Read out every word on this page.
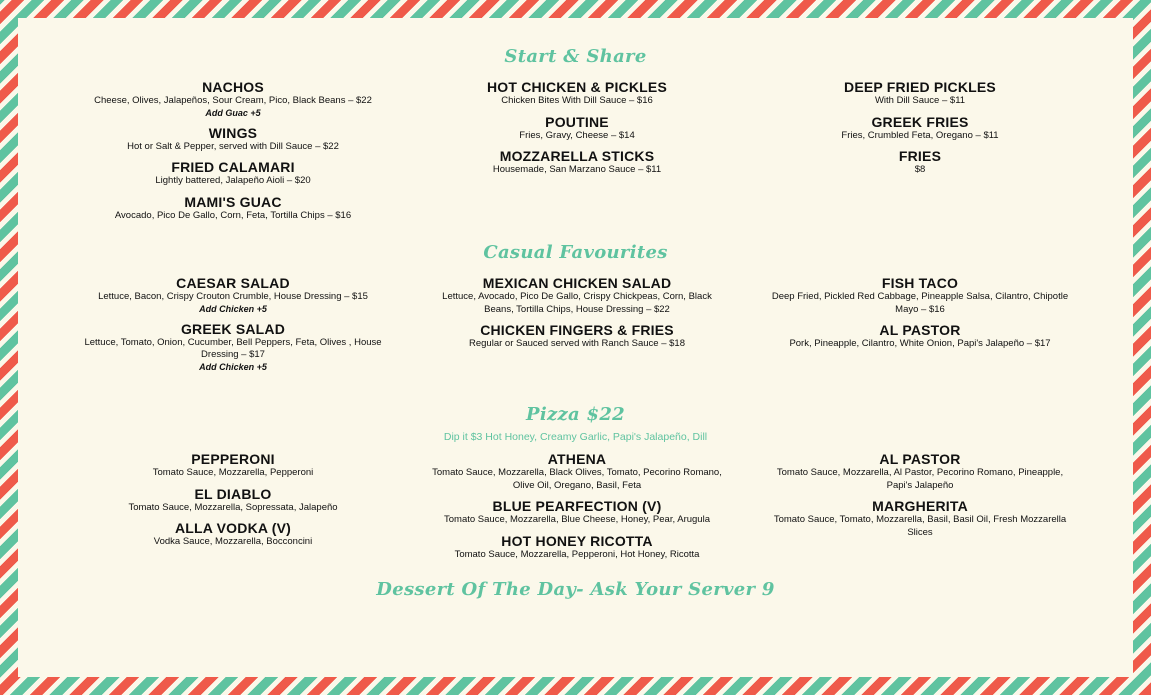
Start & Share
Casual Favourites
Pizza $22
Dip it $3 Hot Honey, Creamy Garlic, Papi's Jalapeño, Dill
Dessert Of The Day- Ask Your Server 9
NACHOS
Cheese, Olives, Jalapeños, Sour Cream, Pico, Black Beans – $22
Add Guac +5
WINGS
Hot or Salt & Pepper, served with Dill Sauce – $22
FRIED CALAMARI
Lightly battered, Jalapeño Aioli – $20
MAMI'S GUAC
Avocado, Pico De Gallo, Corn, Feta, Tortilla Chips – $16
HOT CHICKEN & PICKLES
Chicken Bites With Dill Sauce – $16
POUTINE
Fries, Gravy, Cheese – $14
MOZZARELLA STICKS
Housemade, San Marzano Sauce – $11
DEEP FRIED PICKLES
With Dill Sauce – $11
GREEK FRIES
Fries, Crumbled Feta, Oregano – $11
FRIES
$8
CAESAR SALAD
Lettuce, Bacon, Crispy Crouton Crumble, House Dressing – $15
Add Chicken +5
GREEK SALAD
Lettuce, Tomato, Onion, Cucumber, Bell Peppers, Feta, Olives , House Dressing – $17
Add Chicken +5
MEXICAN CHICKEN SALAD
Lettuce, Avocado, Pico De Gallo, Crispy Chickpeas, Corn, Black Beans, Tortilla Chips, House Dressing – $22
CHICKEN FINGERS & FRIES
Regular or Sauced served with Ranch Sauce – $18
FISH TACO
Deep Fried, Pickled Red Cabbage, Pineapple Salsa, Cilantro, Chipotle Mayo – $16
AL PASTOR
Pork, Pineapple, Cilantro, White Onion, Papi's Jalapeño – $17
PEPPERONI
Tomato Sauce, Mozzarella, Pepperoni
EL DIABLO
Tomato Sauce, Mozzarella, Sopressata, Jalapeño
ALLA VODKA (V)
Vodka Sauce, Mozzarella, Bocconcini
ATHENA
Tomato Sauce, Mozzarella, Black Olives, Tomato, Pecorino Romano, Olive Oil, Oregano, Basil, Feta
BLUE PEARFECTION (V)
Tomato Sauce, Mozzarella, Blue Cheese, Honey, Pear, Arugula
HOT HONEY RICOTTA
Tomato Sauce, Mozzarella, Pepperoni, Hot Honey, Ricotta
AL PASTOR
Tomato Sauce, Mozzarella, Al Pastor, Pecorino Romano, Pineapple, Papi's Jalapeño
MARGHERITA
Tomato Sauce, Tomato, Mozzarella, Basil, Basil Oil, Fresh Mozzarella Slices
